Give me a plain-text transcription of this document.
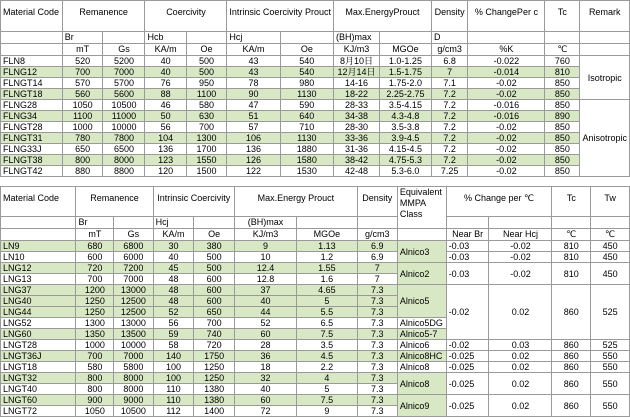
Material Code	Remanence		Coercivity		Intrinsic Coercivity Prouct		Max.EnergyProuct		Density	% ChangePer c	Tc	Remark
	Br		Hcb		Hcj		(BH)max		D			
	mT	Gs	KA/m	Oe	KA/m	Oe	KJ/m3	MGOe	g/cm3	%K	℃	
FLN8	520	5200	40	500	43	540	8月10日	1.0-1.25	6.8	-0.022	760	Isotropic
FLNG12	700	7000	40	500	43	540	12月14日	1.5-1.75	7	-0.014	810	
FLNGT14	570	5700	76	950	78	980	14-16	1.75-2.0	7.1	-0.02	850	
FLNGT18	560	5600	88	1100	90	1130	18-22	2.25-2.75	7.2	-0.02	850	
FLNG28	1050	10500	46	580	47	590	28-33	3.5-4.15	7.2	-0.016	850	Anisotropic
FLNG34	1100	11000	50	630	51	640	34-38	4.3-4.8	7.2	-0.016	890	
FLNGT28	1000	10000	56	700	57	710	28-30	3.5-3.8	7.2	-0.02	850	
FLNGT31	780	7800	104	1300	106	1130	33-36	3.9-4.5	7.2	-0.02	850	
FLNG33J	650	6500	136	1700	136	1880	31-36	4.15-4.5	7.2	-0.02	850	
FLNGT38	800	8000	123	1550	126	1580	38-42	4.75-5.3	7.2	-0.02	850	
FLNGT42	880	8800	120	1500	122	1530	42-48	5.3-6.0	7.25	-0.02	850	
Material Code	Remanence		Intrinsic Coercivity		Max.Energy Prouct		Density	Equivalent MMPA Class	% Change per ℃		Tc	Tw
	Br		Hcj		(BH)max							
	mT	Gs	KA/m	Oe	KJ/m3	MGOe	g/cm3		Near Br	Near Hcj	℃	℃
LN9	680	6800	30	380	9	1.13	6.9	Alnico3	-0.03	-0.02	810	450
LN10	600	6000	40	500	10	1.2	6.9		-0.03	-0.02	810	450
LNG12	720	7200	45	500	12.4	1.55	7	Alnico2	-0.03	-0.02	810	450
LNG13	700	7000	48	600	12.8	1.6	7					
LNG37	1200	13000	48	600	37	4.65	7.3	Alnico5	-0.02	0.02	860	525
LNG40	1250	12500	48	600	40	5	7.3					
LNG44	1250	12500	52	650	44	5.5	7.3					
LNG52	1300	13000	56	700	52	6.5	7.3	Alnico5DG				
LNG60	1350	13500	59	740	60	7.5	7.3	Alnico5-7				
LNGT28	1000	10000	58	720	28	3.5	7.3	Alnico6	-0.02	0.03	860	525
LNGT36J	700	7000	140	1750	36	4.5	7.3	Alnico8HC	-0.025	0.02	860	550
LNGT18	580	5800	100	1250	18	2.2	7.3	Alnico8	-0.025	0.02	860	550
LNGT32	800	8000	100	1250	32	4	7.3	Alnico8	-0.025	0.02	860	550
LNGT40	800	8000	110	1380	40	5	7.3					
LNGT60	900	9000	110	1380	60	7.5	7.3	Alnico9	-0.025	0.02	860	550
LNGT72	1050	10500	112	1400	72	9	7.3					
